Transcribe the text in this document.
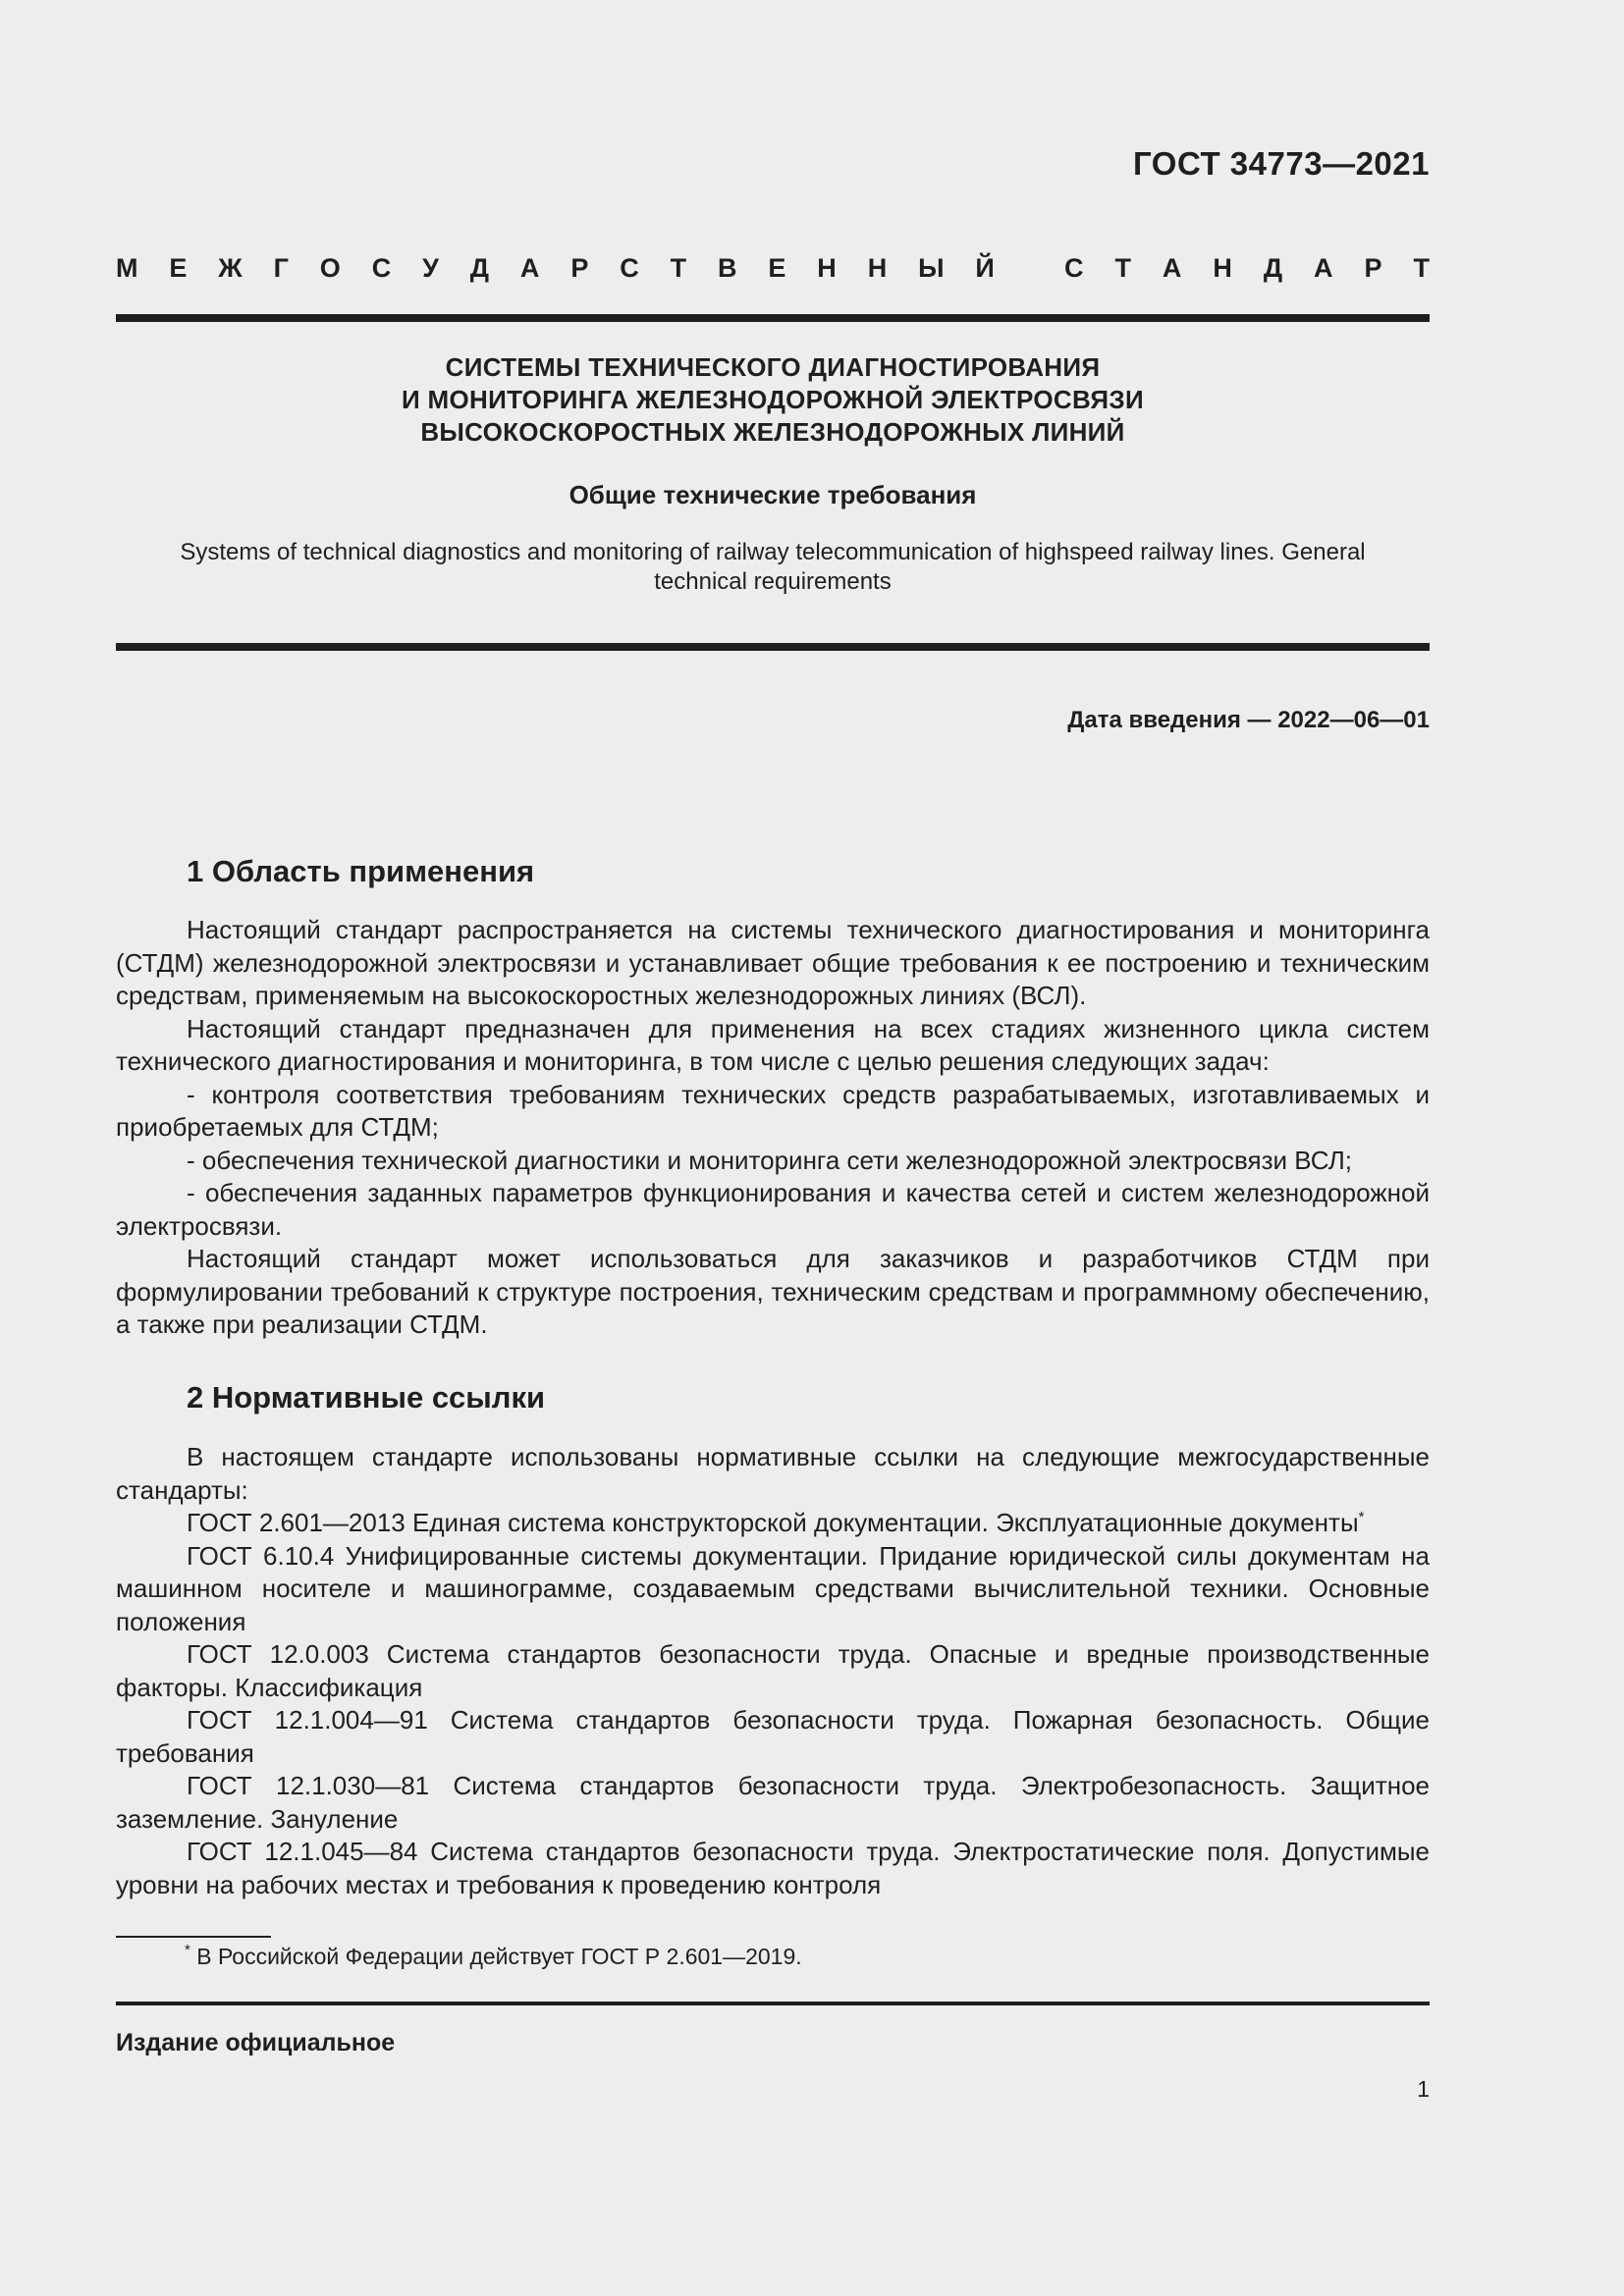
ГОСТ 34773—2021
М Е Ж Г О С У Д А Р С Т В Е Н Н Ы Й	С Т А Н Д А Р Т
СИСТЕМЫ ТЕХНИЧЕСКОГО ДИАГНОСТИРОВАНИЯ
И МОНИТОРИНГА ЖЕЛЕЗНОДОРОЖНОЙ ЭЛЕКТРОСВЯЗИ
ВЫСОКОСКОРОСТНЫХ ЖЕЛЕЗНОДОРОЖНЫХ ЛИНИЙ
Общие технические требования
Systems of technical diagnostics and monitoring of railway telecommunication of highspeed railway lines. General technical requirements
Дата введения — 2022—06—01
1 Область применения

Настоящий стандарт распространяется на системы технического диагностирования и мониторинга (СТДМ) железнодорожной электросвязи и устанавливает общие требования к ее построению и техническим средствам, применяемым на высокоскоростных железнодорожных линиях (ВСЛ).

Настоящий стандарт предназначен для применения на всех стадиях жизненного цикла систем технического диагностирования и мониторинга, в том числе с целью решения следующих задач:

- контроля соответствия требованиям технических средств разрабатываемых, изготавливаемых и приобретаемых для СТДМ;

- обеспечения технической диагностики и мониторинга сети железнодорожной электросвязи ВСЛ;

- обеспечения заданных параметров функционирования и качества сетей и систем железнодорожной электросвязи.

Настоящий стандарт может использоваться для заказчиков и разработчиков СТДМ при формулировании требований к структуре построения, техническим средствам и программному обеспечению, а также при реализации СТДМ.

2 Нормативные ссылки

В настоящем стандарте использованы нормативные ссылки на следующие межгосударственные стандарты:

ГОСТ 2.601—2013 Единая система конструкторской документации. Эксплуатационные документы*

ГОСТ 6.10.4 Унифицированные системы документации. Придание юридической силы документам на машинном носителе и машинограмме, создаваемым средствами вычислительной техники. Основные положения

ГОСТ 12.0.003 Система стандартов безопасности труда. Опасные и вредные производственные факторы. Классификация

ГОСТ 12.1.004—91 Система стандартов безопасности труда. Пожарная безопасность. Общие требования

ГОСТ 12.1.030—81 Система стандартов безопасности труда. Электробезопасность. Защитное заземление. Зануление

ГОСТ 12.1.045—84 Система стандартов безопасности труда. Электростатические поля. Допустимые уровни на рабочих местах и требования к проведению контроля

* В Российской Федерации действует ГОСТ Р 2.601—2019.
Издание официальное
1
